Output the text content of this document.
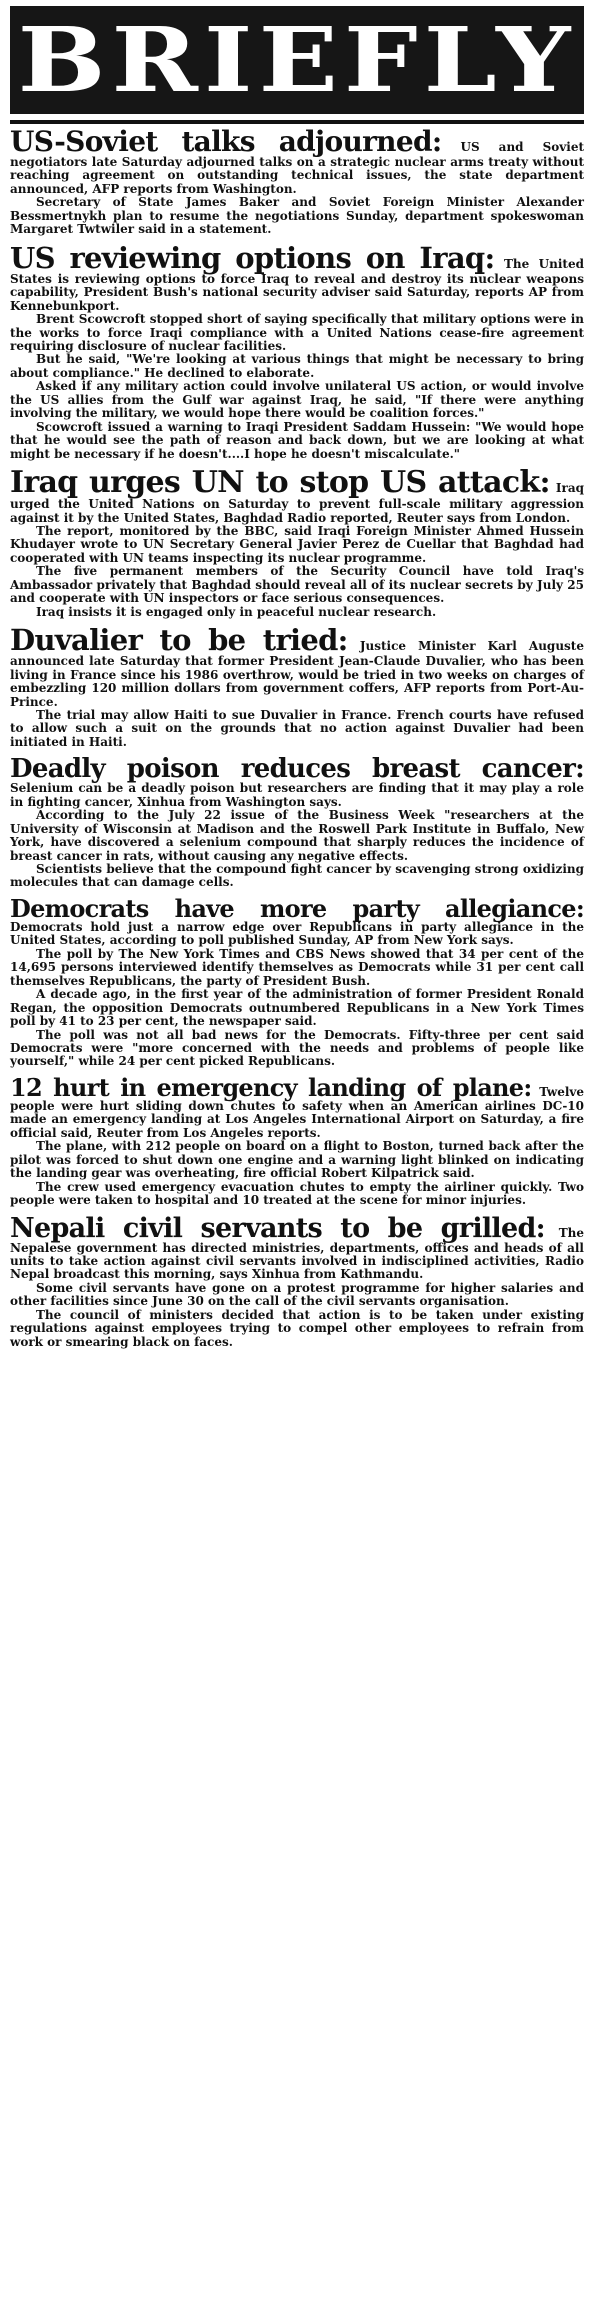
BRIEFLY

US-Soviet talks adjourned: US and Soviet negotiators late Saturday adjourned talks on a strategic nuclear arms treaty without reaching agreement on outstanding technical issues, the state department announced, AFP reports from Washington.

Secretary of State James Baker and Soviet Foreign Minister Alexander Bessmertnykh plan to resume the negotiations Sunday, department spokeswoman Margaret Twtwiler said in a statement.

US reviewing options on Iraq: The United States is reviewing options to force Iraq to reveal and destroy its nuclear weapons capability, President Bush's national security adviser said Saturday, reports AP from Kennebunkport.

Brent Scowcroft stopped short of saying specifically that military options were in the works to force Iraqi compliance with a United Nations cease-fire agreement requiring disclosure of nuclear facilities.

But he said, "We're looking at various things that might be necessary to bring about compliance." He declined to elaborate.

Asked if any military action could involve unilateral US action, or would involve the US allies from the Gulf war against Iraq, he said, "If there were anything involving the military, we would hope there would be coalition forces."

Scowcroft issued a warning to Iraqi President Saddam Hussein: "We would hope that he would see the path of reason and back down, but we are looking at what might be necessary if he doesn't....I hope he doesn't miscalculate."

Iraq urges UN to stop US attack: Iraq urged the United Nations on Saturday to prevent full-scale military aggression against it by the United States, Baghdad Radio reported, Reuter says from London.

The report, monitored by the BBC, said Iraqi Foreign Minister Ahmed Hussein Khudayer wrote to UN Secretary General Javier Perez de Cuellar that Baghdad had cooperated with UN teams inspecting its nuclear programme.

The five permanent members of the Security Council have told Iraq's Ambassador privately that Baghdad should reveal all of its nuclear secrets by July 25 and cooperate with UN inspectors or face serious consequences.

Iraq insists it is engaged only in peaceful nuclear research.

Duvalier to be tried: Justice Minister Karl Auguste announced late Saturday that former President Jean-Claude Duvalier, who has been living in France since his 1986 overthrow, would be tried in two weeks on charges of embezzling 120 million dollars from government coffers, AFP reports from Port-Au-Prince.

The trial may allow Haiti to sue Duvalier in France. French courts have refused to allow such a suit on the grounds that no action against Duvalier had been initiated in Haiti.

Deadly poison reduces breast cancer: Selenium can be a deadly poison but researchers are finding that it may play a role in fighting cancer, Xinhua from Washington says.

According to the July 22 issue of the Business Week "researchers at the University of Wisconsin at Madison and the Roswell Park Institute in Buffalo, New York, have discovered a selenium compound that sharply reduces the incidence of breast cancer in rats, without causing any negative effects.

Scientists believe that the compound fight cancer by scavenging strong oxidizing molecules that can damage cells.

Democrats have more party allegiance: Democrats hold just a narrow edge over Republicans in party allegiance in the United States, according to poll published Sunday, AP from New York says.

The poll by The New York Times and CBS News showed that 34 per cent of the 14,695 persons interviewed identify themselves as Democrats while 31 per cent call themselves Republicans, the party of President Bush.

A decade ago, in the first year of the administration of former President Ronald Regan, the opposition Democrats outnumbered Republicans in a New York Times poll by 41 to 23 per cent, the newspaper said.

The poll was not all bad news for the Democrats. Fifty-three per cent said Democrats were "more concerned with the needs and problems of people like yourself," while 24 per cent picked Republicans.

12 hurt in emergency landing of plane: Twelve people were hurt sliding down chutes to safety when an American airlines DC-10 made an emergency landing at Los Angeles International Airport on Saturday, a fire official said, Reuter from Los Angeles reports.

The plane, with 212 people on board on a flight to Boston, turned back after the pilot was forced to shut down one engine and a warning light blinked on indicating the landing gear was overheating, fire official Robert Kilpatrick said.

The crew used emergency evacuation chutes to empty the airliner quickly. Two people were taken to hospital and 10 treated at the scene for minor injuries.

Nepali civil servants to be grilled: The Nepalese government has directed ministries, departments, offices and heads of all units to take action against civil servants involved in indisciplined activities, Radio Nepal broadcast this morning, says Xinhua from Kathmandu.

Some civil servants have gone on a protest programme for higher salaries and other facilities since June 30 on the call of the civil servants organisation.

The council of ministers decided that action is to be taken under existing regulations against employees trying to compel other employees to refrain from work or smearing black on faces.
